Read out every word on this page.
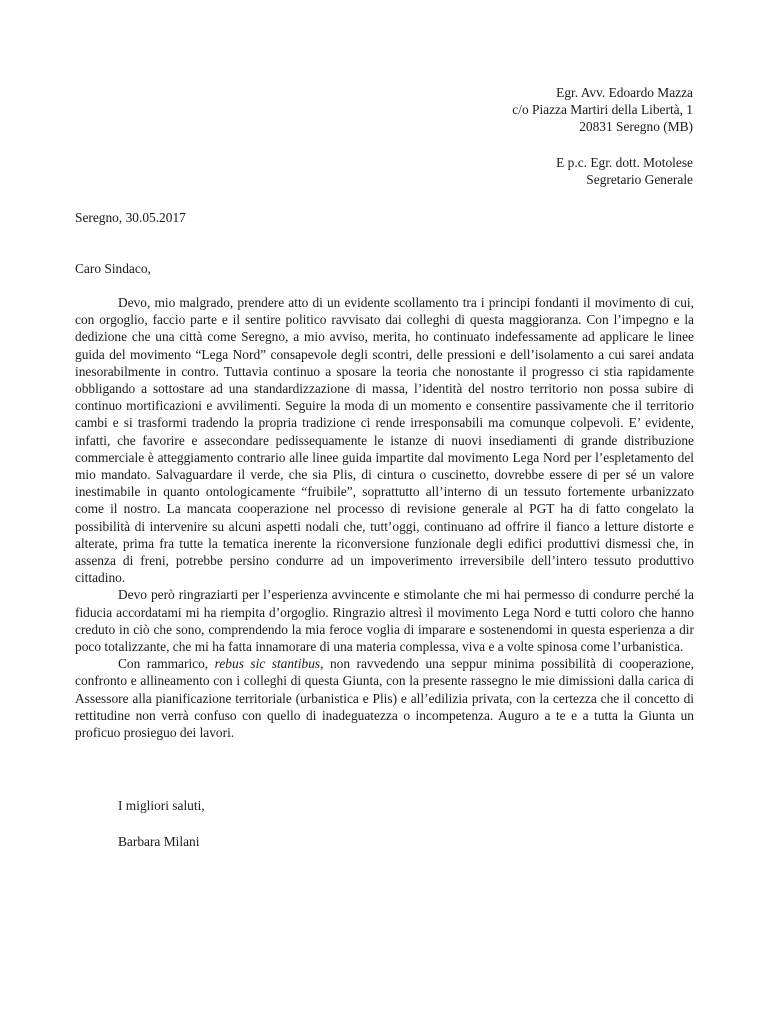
Egr. Avv. Edoardo Mazza
c/o Piazza Martiri della Libertà, 1
20831 Seregno (MB)
E p.c. Egr. dott. Motolese
Segretario Generale
Seregno, 30.05.2017
Caro Sindaco,

Devo, mio malgrado, prendere atto di un evidente scollamento tra i principi fondanti il movimento di cui, con orgoglio, faccio parte e il sentire politico ravvisato dai colleghi di questa maggioranza. Con l’impegno e la dedizione che una città come Seregno, a mio avviso, merita, ho continuato indefessamente ad applicare le linee guida del movimento “Lega Nord” consapevole degli scontri, delle pressioni e dell’isolamento a cui sarei andata inesorabilmente in contro. Tuttavia continuo a sposare la teoria che nonostante il progresso ci stia rapidamente obbligando a sottostare ad una standardizzazione di massa, l’identità del nostro territorio non possa subire di continuo mortificazioni e avvilimenti. Seguire la moda di un momento e consentire passivamente che il territorio cambi e si trasformi tradendo la propria tradizione ci rende irresponsabili ma comunque colpevoli. E’ evidente, infatti, che favorire e assecondare pedissequamente le istanze di nuovi insediamenti di grande distribuzione commerciale è atteggiamento contrario alle linee guida impartite dal movimento Lega Nord per l’espletamento del mio mandato. Salvaguardare il verde, che sia Plis, di cintura o cuscinetto, dovrebbe essere di per sé un valore inestimabile in quanto ontologicamente “fruibile”, soprattutto all’interno di un tessuto fortemente urbanizzato come il nostro. La mancata cooperazione nel processo di revisione generale al PGT ha di fatto congelato la possibilità di intervenire su alcuni aspetti nodali che, tutt’oggi, continuano ad offrire il fianco a letture distorte e alterate, prima fra tutte la tematica inerente la riconversione funzionale degli edifici produttivi dismessi che, in assenza di freni, potrebbe persino condurre ad un impoverimento irreversibile dell’intero tessuto produttivo cittadino.

Devo però ringraziarti per l’esperienza avvincente e stimolante che mi hai permesso di condurre perché la fiducia accordatami mi ha riempita d’orgoglio. Ringrazio altresì il movimento Lega Nord e tutti coloro che hanno creduto in ciò che sono, comprendendo la mia feroce voglia di imparare e sostenendomi in questa esperienza a dir poco totalizzante, che mi ha fatta innamorare di una materia complessa, viva e a volte spinosa come l’urbanistica.

Con rammarico, rebus sic stantibus, non ravvedendo una seppur minima possibilità di cooperazione, confronto e allineamento con i colleghi di questa Giunta, con la presente rassegno le mie dimissioni dalla carica di Assessore alla pianificazione territoriale (urbanistica e Plis) e all’edilizia privata, con la certezza che il concetto di rettitudine non verrà confuso con quello di inadeguatezza o incompetenza. Auguro a te e a tutta la Giunta un proficuo prosieguo dei lavori.

I migliori saluti,
Barbara Milani
